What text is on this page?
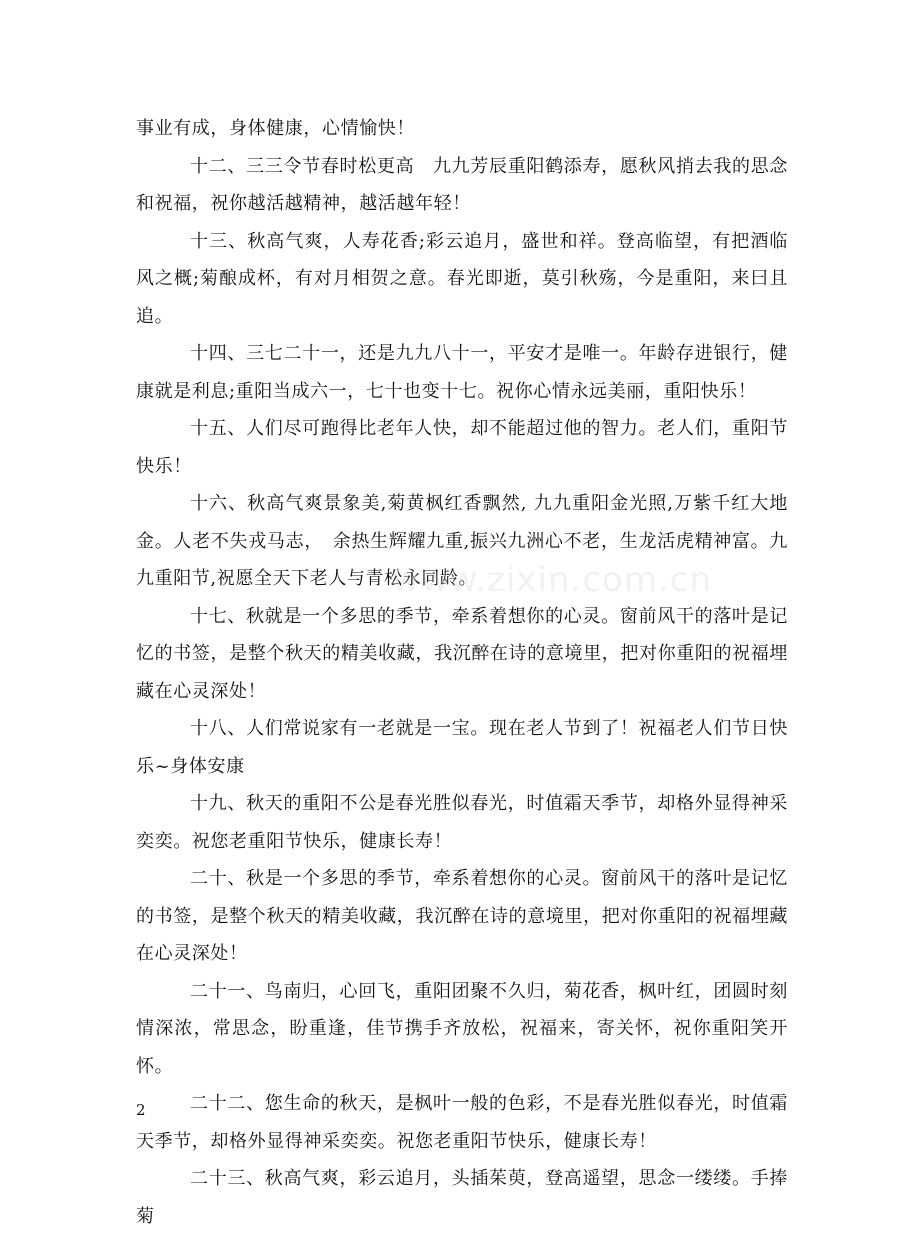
事业有成，身体健康，心情愉快！

十二、三三令节春时松更高　九九芳辰重阳鹤添寿，愿秋风捎去我的思念和祝福，祝你越活越精神，越活越年轻！

十三、秋高气爽，人寿花香;彩云追月，盛世和祥。登高临望，有把酒临风之概;菊酿成杯，有对月相贺之意。春光即逝，莫引秋殇，今是重阳，来曰且追。

十四、三七二十一，还是九九八十一，平安才是唯一。年龄存进银行，健康就是利息;重阳当成六一，七十也变十七。祝你心情永远美丽，重阳快乐！

十五、人们尽可跑得比老年人快，却不能超过他的智力。老人们，重阳节快乐！

十六、秋高气爽景象美,菊黄枫红香飘然, 九九重阳金光照,万紫千红大地金。人老不失戎马志，　余热生辉耀九重,振兴九洲心不老，生龙活虎精神富。九九重阳节,祝愿全天下老人与青松永同龄。

十七、秋就是一个多思的季节，牵系着想你的心灵。窗前风干的落叶是记忆的书签，是整个秋天的精美收藏，我沉醉在诗的意境里，把对你重阳的祝福埋藏在心灵深处！

十八、人们常说家有一老就是一宝。现在老人节到了！祝福老人们节日快乐~身体安康

十九、秋天的重阳不公是春光胜似春光，时值霜天季节，却格外显得神采奕奕。祝您老重阳节快乐，健康长寿！

二十、秋是一个多思的季节，牵系着想你的心灵。窗前风干的落叶是记忆的书签，是整个秋天的精美收藏，我沉醉在诗的意境里，把对你重阳的祝福埋藏在心灵深处！

二十一、鸟南归，心回飞，重阳团聚不久归，菊花香，枫叶红，团圆时刻情深浓，常思念，盼重逢，佳节携手齐放松，祝福来，寄关怀，祝你重阳笑开怀。

二十二、您生命的秋天，是枫叶一般的色彩，不是春光胜似春光，时值霜天季节，却格外显得神采奕奕。祝您老重阳节快乐，健康长寿！

二十三、秋高气爽，彩云追月，头插茱萸，登高遥望，思念一缕缕。手捧菊

www.zixin.com.cn
2
